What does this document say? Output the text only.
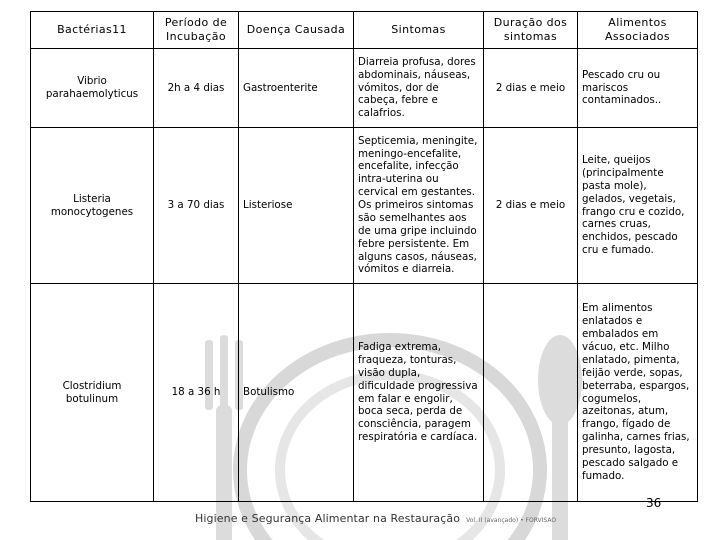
Bactérias11	Período de Incubação	Doença Causada	Sintomas	Duração dos sintomas	Alimentos Associados
Vibrio parahaemolyticus	2h a 4 dias	Gastroenterite	Diarreia profusa, dores abdominais, náuseas, vómitos, dor de cabeça, febre e calafrios.	2 dias e meio	Pescado cru ou mariscos contaminados..
Listeria monocytogenes	3 a 70 dias	Listeriose	Septicemia, meningite, meningo-encefalite, encefalite, infecção intra-uterina ou cervical em gestantes. Os primeiros sintomas são semelhantes aos de uma gripe incluindo febre persistente. Em alguns casos, náuseas, vómitos e diarreia.	2 dias e meio	Leite, queijos (principalmente pasta mole), gelados, vegetais, frango cru e cozido, carnes cruas, enchidos, pescado cru e fumado.
Clostridium botulinum	18 a 36 h	Botulismo	Fadiga extrema, fraqueza, tonturas, visão dupla, dificuldade progressiva em falar e engolir, boca seca, perda de consciência, paragem respiratória e cardíaca.		Em alimentos enlatados e embalados em vácuo, etc. Milho enlatado, pimenta, feijão verde, sopas, beterraba, espargos, cogumelos, azeitonas, atum, frango, fígado de galinha, carnes frias, presunto, lagosta, pescado salgado e fumado.
36
Higiene e Segurança Alimentar na Restauração Vol. II (avançado) • FORVISAO
